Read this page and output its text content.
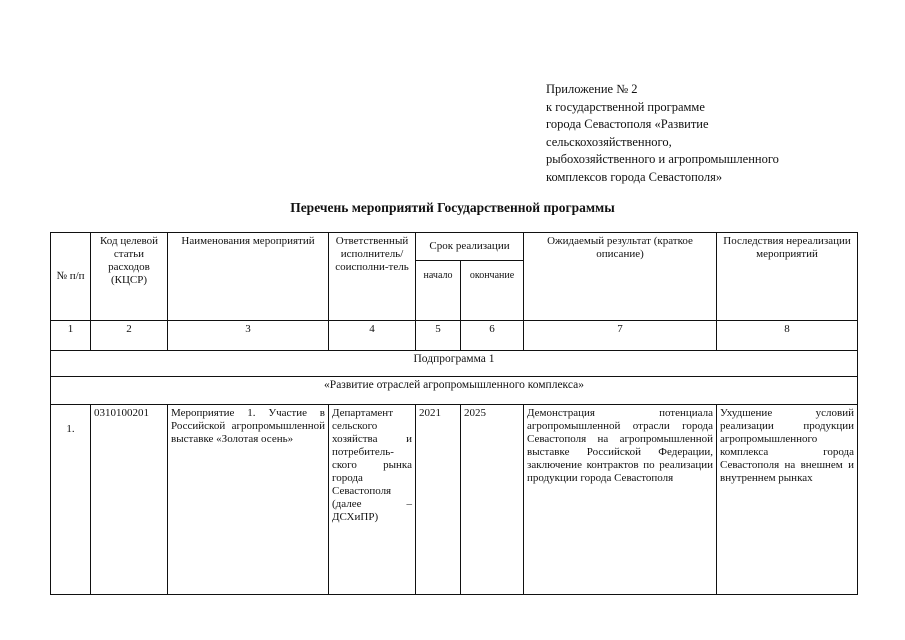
Приложение № 2
к государственной программе
города Севастополя «Развитие
сельскохозяйственного,
рыбохозяйственного и агропромышленного
комплексов города Севастополя»
Перечень мероприятий Государственной программы
№ п/п	Код целевой статьи расходов (КЦСР)	Наименования мероприятий	Ответственный исполнитель/ соисполни-тель	Срок реализации		Ожидаемый результат (краткое описание)	Последствия нереализации мероприятий
				начало	окончание		
1	2	3	4	5	6	7	8
Подпрограмма 1							
«Развитие отраслей агропромышленного комплекса»							
1.	0310100201	Мероприятие 1. Участие в Российской агропромышленной выставке «Золотая осень»	Департамент сельского хозяйства и потребитель-ского рынка города Севастополя (далее – ДСХиПР)	2021	2025	Демонстрация потенциала агропромышленной отрасли города Севастополя на агропромышленной выставке Российской Федерации, заключение контрактов по реализации продукции города Севастополя	Ухудшение условий реализации продукции агропромышленного комплекса города Севастополя на внешнем и внутреннем рынках
